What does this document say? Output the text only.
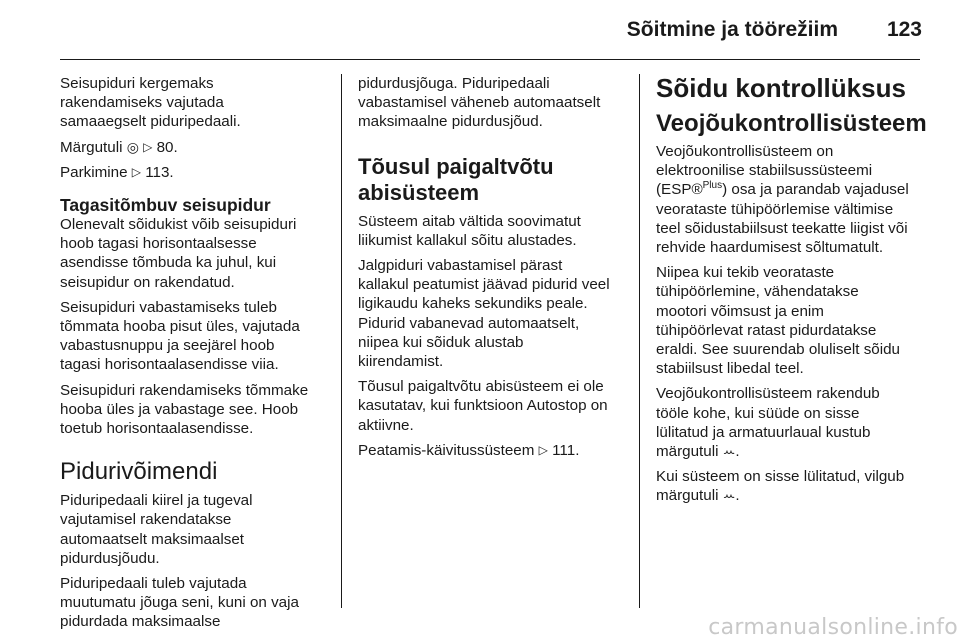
Sõitmine ja töörežiim 123

Seisupiduri kergemaks
rakendamiseks vajutada
samaaegselt piduripedaali.

Märgutuli ◎ ▷ 80.

Parkimine ▷ 113.

Tagasitõmbuv seisupidur

Olenevalt sõidukist võib seisupiduri
hoob tagasi horisontaalsesse
asendisse tõmbuda ka juhul, kui
seisupidur on rakendatud.

Seisupiduri vabastamiseks tuleb
tõmmata hooba pisut üles, vajutada
vabastusnuppu ja seejärel hoob
tagasi horisontaalasendisse viia.

Seisupiduri rakendamiseks tõmmake
hooba üles ja vabastage see. Hoob
toetub horisontaalasendisse.

Pidurivõimendi

Piduripedaali kiirel ja tugeval
vajutamisel rakendatakse
automaatselt maksimaalset
pidurdusjõudu.

Piduripedaali tuleb vajutada
muutumatu jõuga seni, kuni on vaja
pidurdada maksimaalse

pidurdusjõuga. Piduripedaali
vabastamisel väheneb automaatselt
maksimaalne pidurdusjõud.

Tõusul paigaltvõtu
abisüsteem

Süsteem aitab vältida soovimatut
liikumist kallakul sõitu alustades.

Jalgpiduri vabastamisel pärast
kallakul peatumist jäävad pidurid veel
ligikaudu kaheks sekundiks peale.
Pidurid vabanevad automaatselt,
niipea kui sõiduk alustab
kiirendamist.

Tõusul paigaltvõtu abisüsteem ei ole
kasutatav, kui funktsioon Autostop on
aktiivne.

Peatamis-käivitussüsteem ▷ 111.

Sõidu kontrollüksus
Veojõukontrollisüsteem

Veojõukontrollisüsteem on
elektroonilise stabiilsussüsteemi
(ESP®$^{Plus}$) osa ja parandab vajadusel
veorataste tühipöörlemise vältimise
teel sõidustabiilsust teekatte liigist või
rehvide haardumisest sõltumatult.

Niipea kui tekib veorataste
tühipöörlemine, vähendatakse
mootori võimsust ja enim
tühipöörlevat ratast pidurdatakse
eraldi. See suurendab oluliselt sõidu
stabiilsust libedal teel.

Veojõukontrollisüsteem rakendub
tööle kohe, kui süüde on sisse
lülitatud ja armatuurlaual kustub
märgutuli ꕀ.

Kui süsteem on sisse lülitatud, vilgub
märgutuli ꕀ.

carmanualsonline.info
